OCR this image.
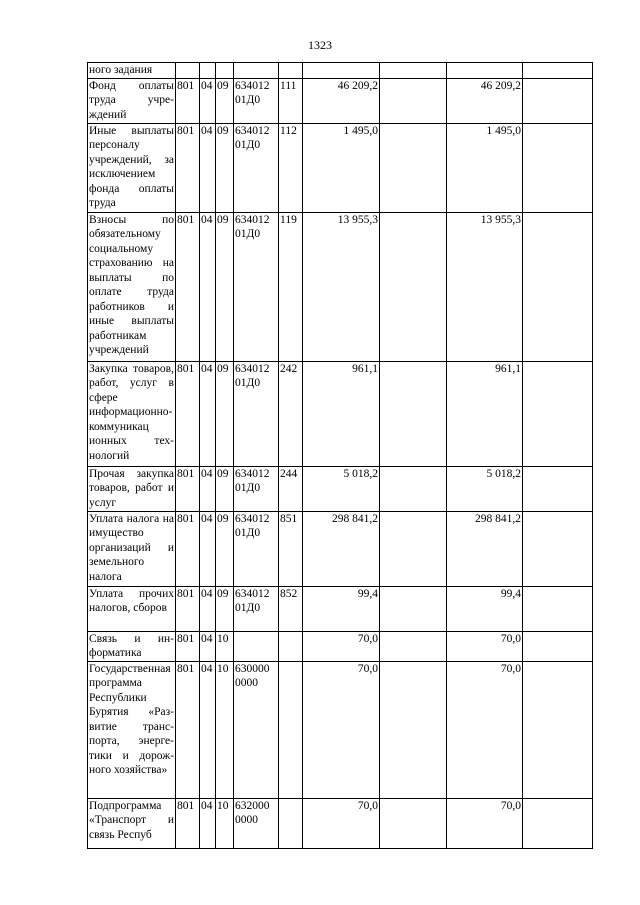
1323
ного задания									
Фонд оплаты труда учреждений	801	04	09	634012 01Д0	111	46 209,2		46 209,2	
Иные выплаты персоналу учреждений, за исключением фонда оплаты труда	801	04	09	634012 01Д0	112	1 495,0		1 495,0	
Взносы по обязательному социальному страхованию на выплаты по оплате труда работников и иные выплаты работникам учреждений	801	04	09	634012 01Д0	119	13 955,3		13 955,3	
Закупка товаров, работ, услуг в сфере информационно-коммуникац ионных технологий	801	04	09	634012 01Д0	242	961,1		961,1	
Прочая закупка товаров, работ и услуг	801	04	09	634012 01Д0	244	5 018,2		5 018,2	
Уплата налога на имущество организаций и земельного налога	801	04	09	634012 01Д0	851	298 841,2		298 841,2	
Уплата прочих налогов, сборов	801	04	09	634012 01Д0	852	99,4		99,4	
Связь и информатика	801	04	10			70,0		70,0	
Государственная программа Республики Бурятия «Развитие транспорта, энергетики и дорожного хозяйства»	801	04	10	630000 0000		70,0		70,0	
Подпрограмма «Транспорт и связь Респуб	801	04	10	632000 0000		70,0		70,0	
